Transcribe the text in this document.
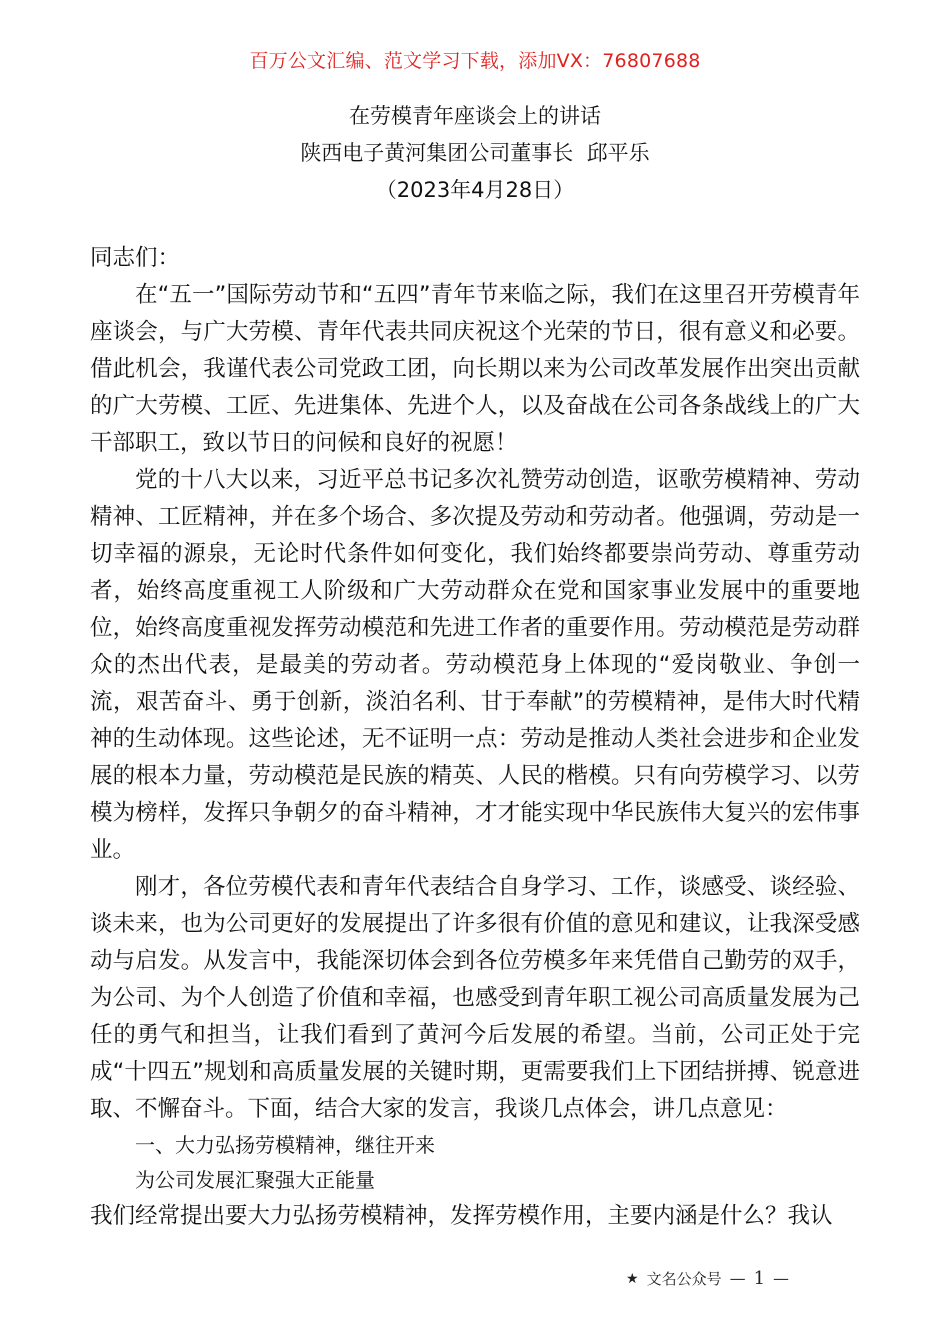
百万公文汇编、范文学习下载，添加VX：76807688
在劳模青年座谈会上的讲话
陕西电子黄河集团公司董事长  邱平乐
（2023年4月28日）

同志们：

在“五一”国际劳动节和“五四”青年节来临之际，我们在这里召开劳模青年座谈会，与广大劳模、青年代表共同庆祝这个光荣的节日，很有意义和必要。借此机会，我谨代表公司党政工团，向长期以来为公司改革发展作出突出贡献的广大劳模、工匠、先进集体、先进个人，以及奋战在公司各条战线上的广大干部职工，致以节日的问候和良好的祝愿！

党的十八大以来，习近平总书记多次礼赞劳动创造，讴歌劳模精神、劳动精神、工匠精神，并在多个场合、多次提及劳动和劳动者。他强调，劳动是一切幸福的源泉，无论时代条件如何变化，我们始终都要崇尚劳动、尊重劳动者，始终高度重视工人阶级和广大劳动群众在党和国家事业发展中的重要地位，始终高度重视发挥劳动模范和先进工作者的重要作用。劳动模范是劳动群众的杰出代表，是最美的劳动者。劳动模范身上体现的“爱岗敬业、争创一流，艰苦奋斗、勇于创新，淡泊名利、甘于奉献”的劳模精神，是伟大时代精神的生动体现。这些论述，无不证明一点：劳动是推动人类社会进步和企业发展的根本力量，劳动模范是民族的精英、人民的楷模。只有向劳模学习、以劳模为榜样，发挥只争朝夕的奋斗精神，才才能实现中华民族伟大复兴的宏伟事业。

刚才，各位劳模代表和青年代表结合自身学习、工作，谈感受、谈经验、谈未来，也为公司更好的发展提出了许多很有价值的意见和建议，让我深受感动与启发。从发言中，我能深切体会到各位劳模多年来凭借自己勤劳的双手，为公司、为个人创造了价值和幸福，也感受到青年职工视公司高质量发展为己任的勇气和担当，让我们看到了黄河今后发展的希望。当前，公司正处于完成“十四五”规划和高质量发展的关键时期，更需要我们上下团结拼搏、锐意进取、不懈奋斗。下面，结合大家的发言，我谈几点体会，讲几点意见：

一、大力弘扬劳模精神，继往开来

为公司发展汇聚强大正能量

我们经常提出要大力弘扬劳模精神，发挥劳模作用，主要内涵是什么？我认

★ 文名公众号 — 1 —
